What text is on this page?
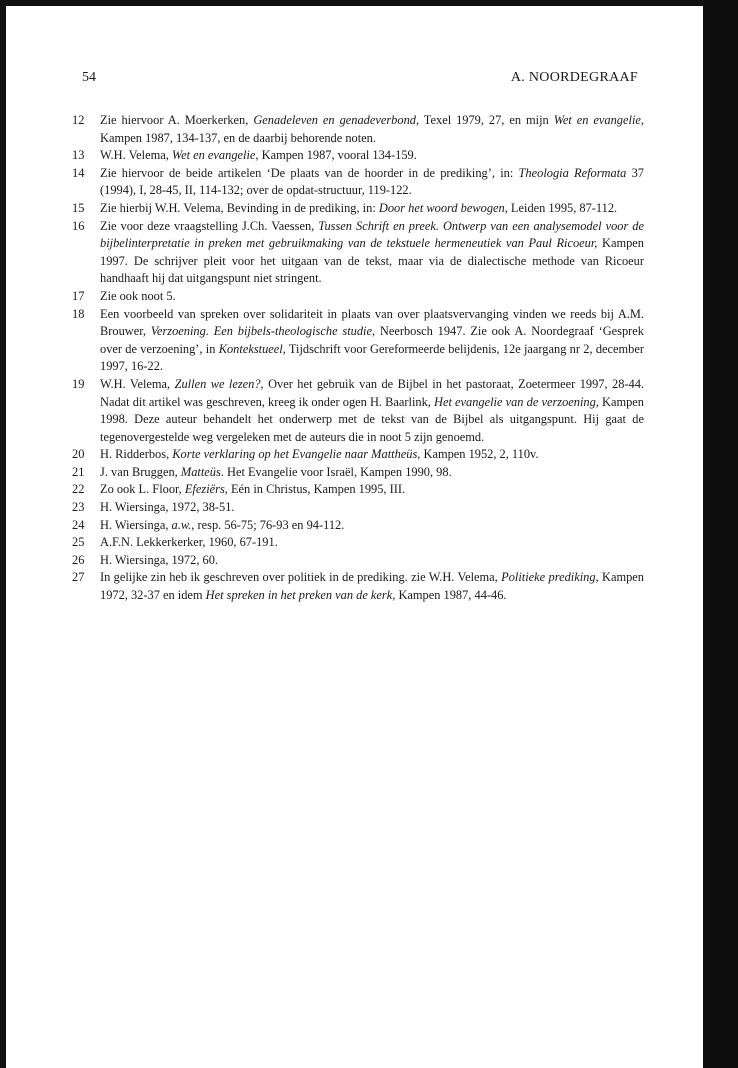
54	A. NOORDEGRAAF
12	Zie hiervoor A. Moerkerken, Genadeleven en genadeverbond, Texel 1979, 27, en mijn Wet en evangelie, Kampen 1987, 134-137, en de daarbij behorende noten.
13	W.H. Velema, Wet en evangelie, Kampen 1987, vooral 134-159.
14	Zie hiervoor de beide artikelen ‘De plaats van de hoorder in de prediking’, in: Theologia Reformata 37 (1994), I, 28-45, II, 114-132; over de opdat-structuur, 119-122.
15	Zie hierbij W.H. Velema, Bevinding in de prediking, in: Door het woord bewogen, Leiden 1995, 87-112.
16	Zie voor deze vraagstelling J.Ch. Vaessen, Tussen Schrift en preek. Ontwerp van een analysemodel voor de bijbelinterpretatie in preken met gebruikmaking van de tekstuele hermeneutiek van Paul Ricoeur, Kampen 1997. De schrijver pleit voor het uitgaan van de tekst, maar via de dialectische methode van Ricoeur handhaaft hij dat uitgangspunt niet stringent.
17	Zie ook noot 5.
18	Een voorbeeld van spreken over solidariteit in plaats van over plaatsvervanging vinden we reeds bij A.M. Brouwer, Verzoening. Een bijbels-theologische studie, Neerbosch 1947. Zie ook A. Noordegraaf ‘Gesprek over de verzoening’, in Kontekstueel, Tijdschrift voor Gereformeerde belijdenis, 12e jaargang nr 2, december 1997, 16-22.
19	W.H. Velema, Zullen we lezen?, Over het gebruik van de Bijbel in het pastoraat, Zoetermeer 1997, 28-44. Nadat dit artikel was geschreven, kreeg ik onder ogen H. Baarlink, Het evangelie van de verzoening, Kampen 1998. Deze auteur behandelt het onderwerp met de tekst van de Bijbel als uitgangspunt. Hij gaat de tegenovergestelde weg vergeleken met de auteurs die in noot 5 zijn genoemd.
20	H. Ridderbos, Korte verklaring op het Evangelie naar Mattheüs, Kampen 1952, 2, 110v.
21	J. van Bruggen, Matteüs. Het Evangelie voor Israël, Kampen 1990, 98.
22	Zo ook L. Floor, Efeziërs, Eén in Christus, Kampen 1995, III.
23	H. Wiersinga, 1972, 38-51.
24	H. Wiersinga, a.w., resp. 56-75; 76-93 en 94-112.
25	A.F.N. Lekkerkerker, 1960, 67-191.
26	H. Wiersinga, 1972, 60.
27	In gelijke zin heb ik geschreven over politiek in de prediking. zie W.H. Velema, Politieke prediking, Kampen 1972, 32-37 en idem Het spreken in het preken van de kerk, Kampen 1987, 44-46.
